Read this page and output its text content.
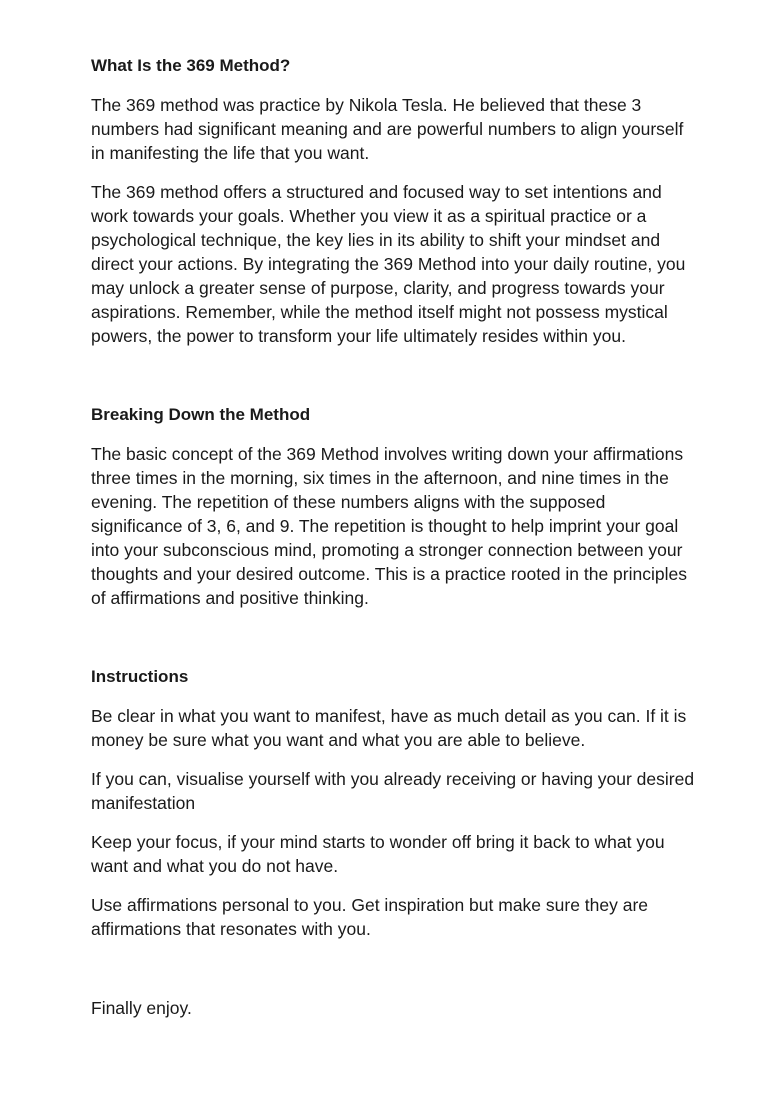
What Is the 369 Method?

The 369 method was practice by Nikola Tesla. He believed that these 3 numbers had significant meaning and are powerful numbers to align yourself in manifesting the life that you want.

The 369 method offers a structured and focused way to set intentions and work towards your goals. Whether you view it as a spiritual practice or a psychological technique, the key lies in its ability to shift your mindset and direct your actions. By integrating the 369 Method into your daily routine, you may unlock a greater sense of purpose, clarity, and progress towards your aspirations. Remember, while the method itself might not possess mystical powers, the power to transform your life ultimately resides within you.

Breaking Down the Method

The basic concept of the 369 Method involves writing down your affirmations three times in the morning, six times in the afternoon, and nine times in the evening. The repetition of these numbers aligns with the supposed significance of 3, 6, and 9. The repetition is thought to help imprint your goal into your subconscious mind, promoting a stronger connection between your thoughts and your desired outcome. This is a practice rooted in the principles of affirmations and positive thinking.

Instructions

Be clear in what you want to manifest, have as much detail as you can. If it is money be sure what you want and what you are able to believe.

If you can, visualise yourself with you already receiving or having your desired manifestation

Keep your focus, if your mind starts to wonder off bring it back to what you want and what you do not have.

Use affirmations personal to you. Get inspiration but make sure they are affirmations that resonates with you.

Finally enjoy.
